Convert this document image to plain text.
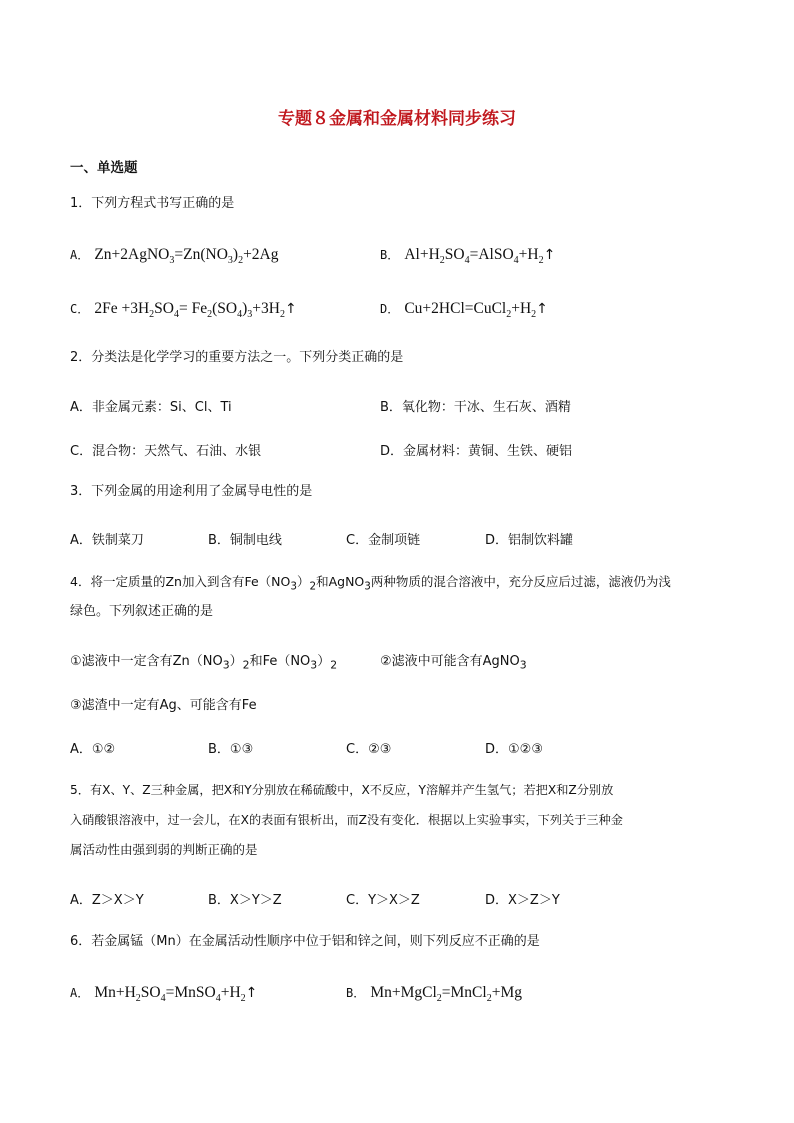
专题８金属和金属材料同步练习
一、单选题
1．下列方程式书写正确的是
A． $Zn+2AgNO_3=Zn(NO_3)_2+2Ag$	B． $Al+H_2SO_4=AlSO_4+H_2↑$
C． $2Fe +3H_2SO_4=$ $Fe_2(SO_4)_3+3H_2↑$	D． $Cu+2HCl=CuCl_2+H_2↑$
2．分类法是化学学习的重要方法之一。下列分类正确的是
A．非金属元素：Si、Cl、Ti	B．氧化物：干冰、生石灰、酒精
C．混合物：天然气、石油、水银	D．金属材料：黄铜、生铁、硬铝
3．下列金属的用途利用了金属导电性的是
A．铁制菜刀	B．铜制电线	C．金制项链	D．铝制饮料罐
4．将一定质量的Zn加入到含有$Fe(NO_3)_2$和AgNO$_3$两种物质的混合溶液中，充分反应后过滤，滤液仍为浅
绿色。下列叙述正确的是
①滤液中一定含有$Zn(NO_3)_2$和$Fe(NO_3)_2$	②滤液中可能含有AgNO$_3$
③滤渣中一定有Ag、可能含有Fe
A．①②	B．①③	C．②③	D．①②③
5．有X、Y、Z三种金属，把X和Y分别放在稀硫酸中，X不反应，Y溶解并产生氢气；若把X和Z分别放
入硝酸银溶液中，过一会儿，在X的表面有银析出，而Z没有变化．根据以上实验事实，下列关于三种金
属活动性由强到弱的判断正确的是
A．Z＞X＞Y	B．X＞Y＞Z	C．Y＞X＞Z	D．X＞Z＞Y
6．若金属锰（Mn）在金属活动性顺序中位于铝和锌之间，则下列反应不正确的是
A． $Mn+H_2SO_4=MnSO_4+H_2↑$	B． Mn+MgCl$_2$=MnCl$_2$+Mg
